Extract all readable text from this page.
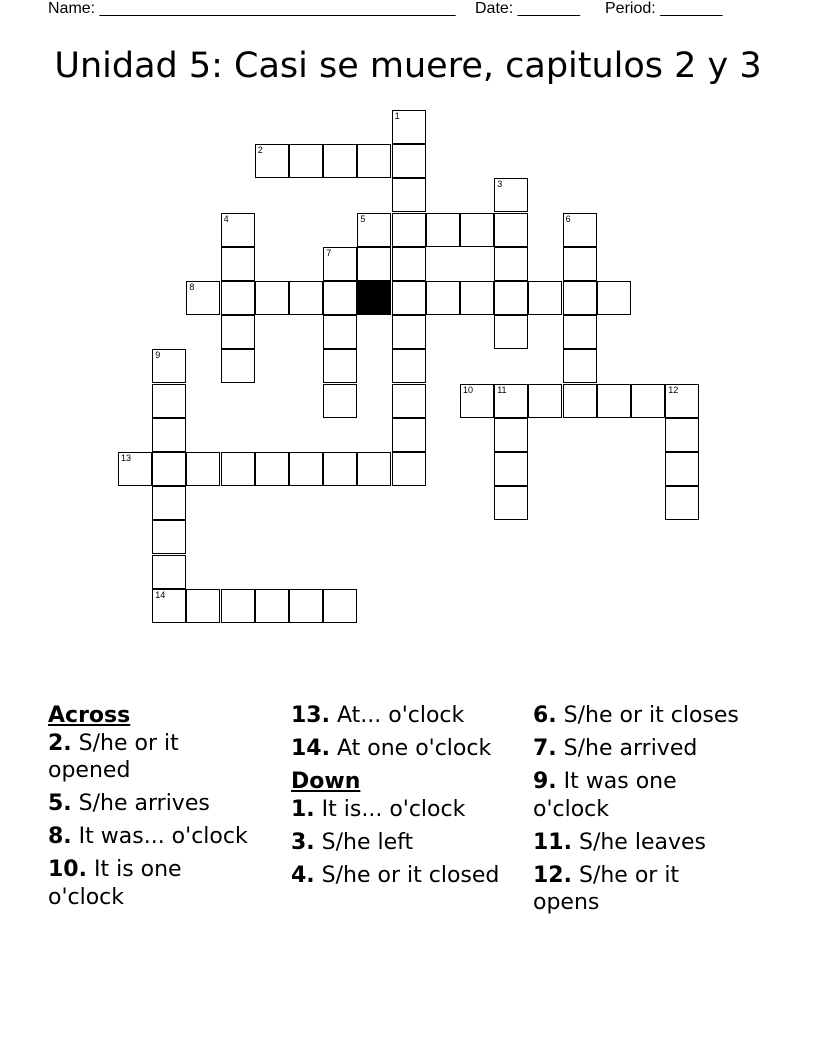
Name: ________________________________________ Date: _______ Period: _______
Unidad 5: Casi se muere, capitulos 2 y 3
1
2
3
4	5	6
7
8
9
10	11	12
13
14
Across
2. S/he or it opened
5. S/he arrives
8. It was... o'clock
10. It is one o'clock
13. At... o'clock
14. At one o'clock
Down
1. It is... o'clock
3. S/he left
4. S/he or it closed
6. S/he or it closes
7. S/he arrived
9. It was one o'clock
11. S/he leaves
12. S/he or it opens
